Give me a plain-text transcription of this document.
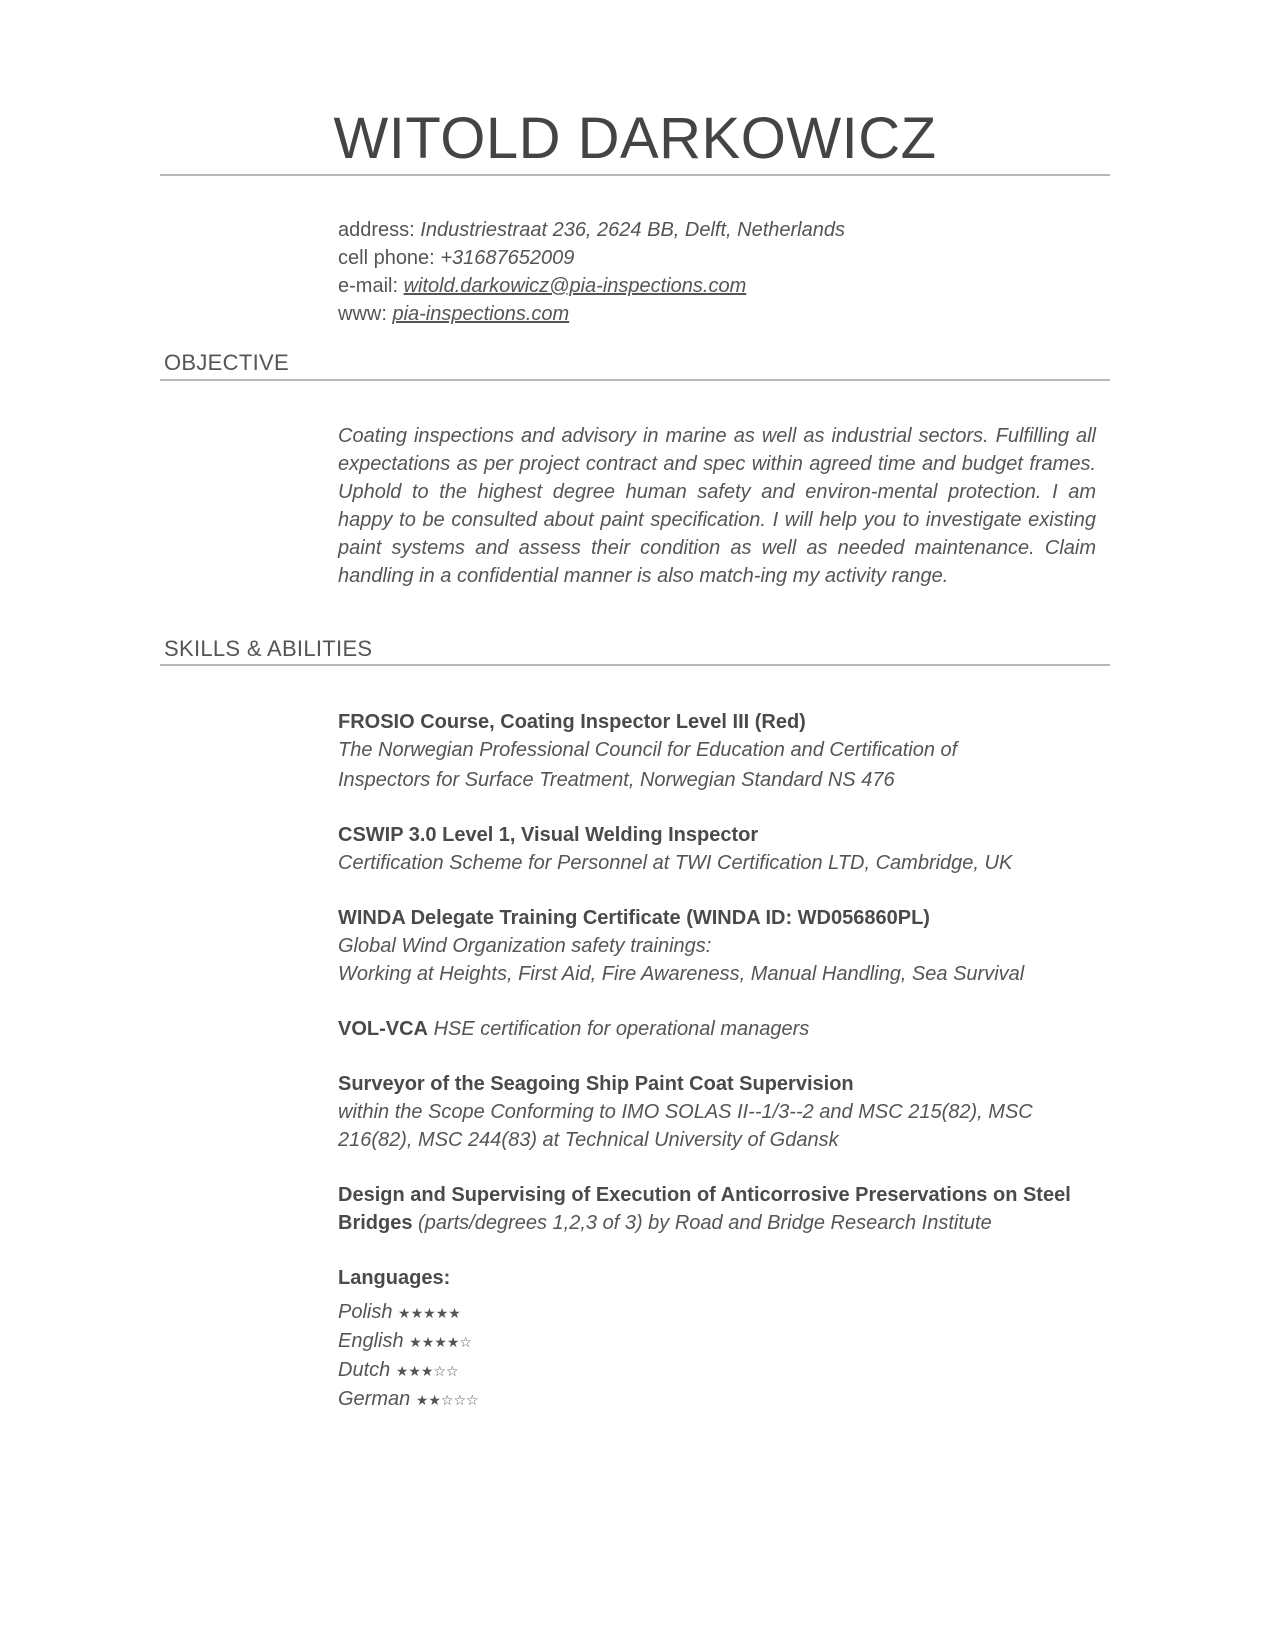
WITOLD DARKOWICZ
address: Industriestraat 236, 2624 BB, Delft, Netherlands
cell phone: +31687652009
e-mail: witold.darkowicz@pia-inspections.com
www: pia-inspections.com
OBJECTIVE
Coating inspections and advisory in marine as well as industrial sectors. Fulfilling all expectations as per project contract and spec within agreed time and budget frames. Uphold to the highest degree human safety and environ-mental protection. I am happy to be consulted about paint specification. I will help you to investigate existing paint systems and assess their condition as well as needed maintenance. Claim handling in a confidential manner is also match-ing my activity range.
SKILLS & ABILITIES
FROSIO Course, Coating Inspector Level III (Red)
The Norwegian Professional Council for Education and Certification of
Inspectors for Surface Treatment, Norwegian Standard NS 476
CSWIP 3.0 Level 1, Visual Welding Inspector
Certification Scheme for Personnel at TWI Certification LTD, Cambridge, UK
WINDA Delegate Training Certificate (WINDA ID: WD056860PL)
Global Wind Organization safety trainings:
Working at Heights, First Aid, Fire Awareness, Manual Handling, Sea Survival
VOL-VCA HSE certification for operational managers
Surveyor of the Seagoing Ship Paint Coat Supervision
within the Scope Conforming to IMO SOLAS II--1/3--2 and MSC 215(82), MSC
216(82), MSC 244(83) at Technical University of Gdansk
Design and Supervising of Execution of Anticorrosive Preservations on Steel
Bridges (parts/degrees 1,2,3 of 3) by Road and Bridge Research Institute
Languages:
Polish ★★★★★
English ★★★★☆
Dutch ★★★☆☆
German ★★☆☆☆
